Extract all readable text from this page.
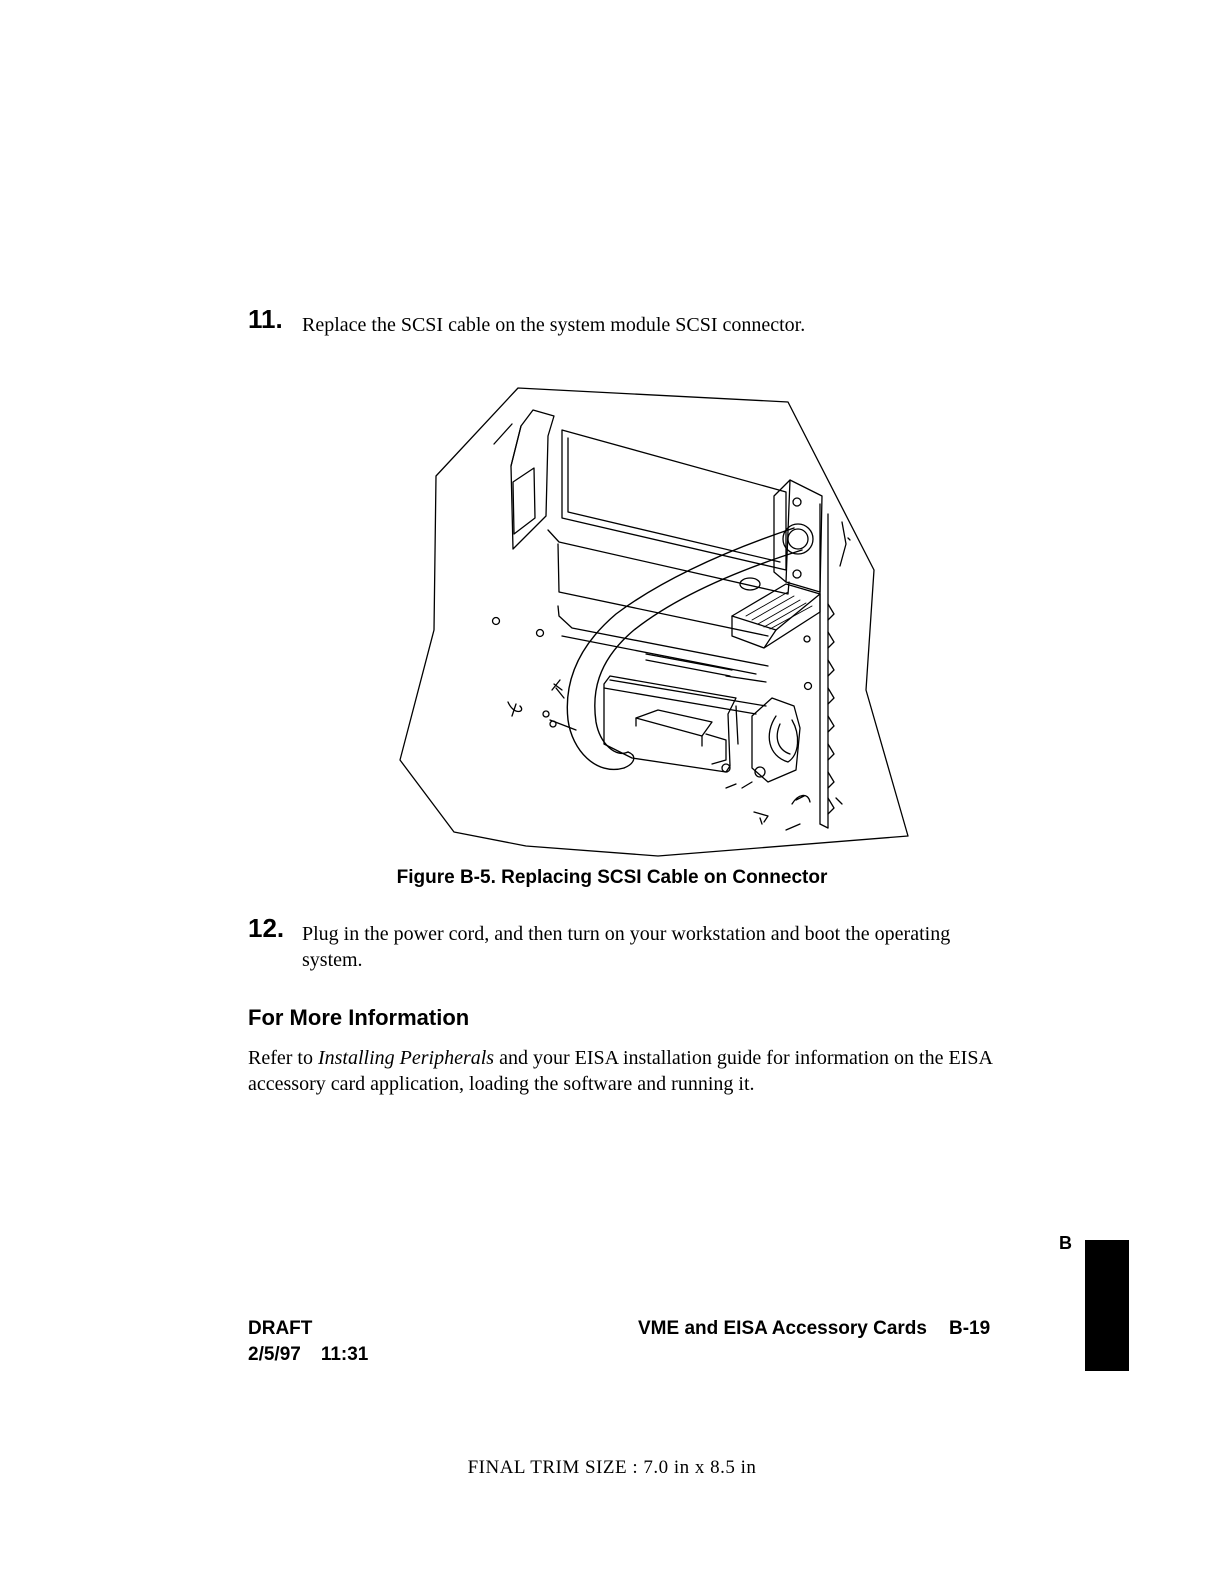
11. Replace the SCSI cable on the system module SCSI connector.
Figure B-5. Replacing SCSI Cable on Connector
12. Plug in the power cord, and then turn on your workstation and boot the operating system.
For More Information
Refer to Installing Peripherals and your EISA installation guide for information on the EISA accessory card application, loading the software and running it.
B
DRAFT
2/5/97 11:31
VME and EISA Accessory Cards B-19
FINAL TRIM SIZE : 7.0 in x 8.5 in
